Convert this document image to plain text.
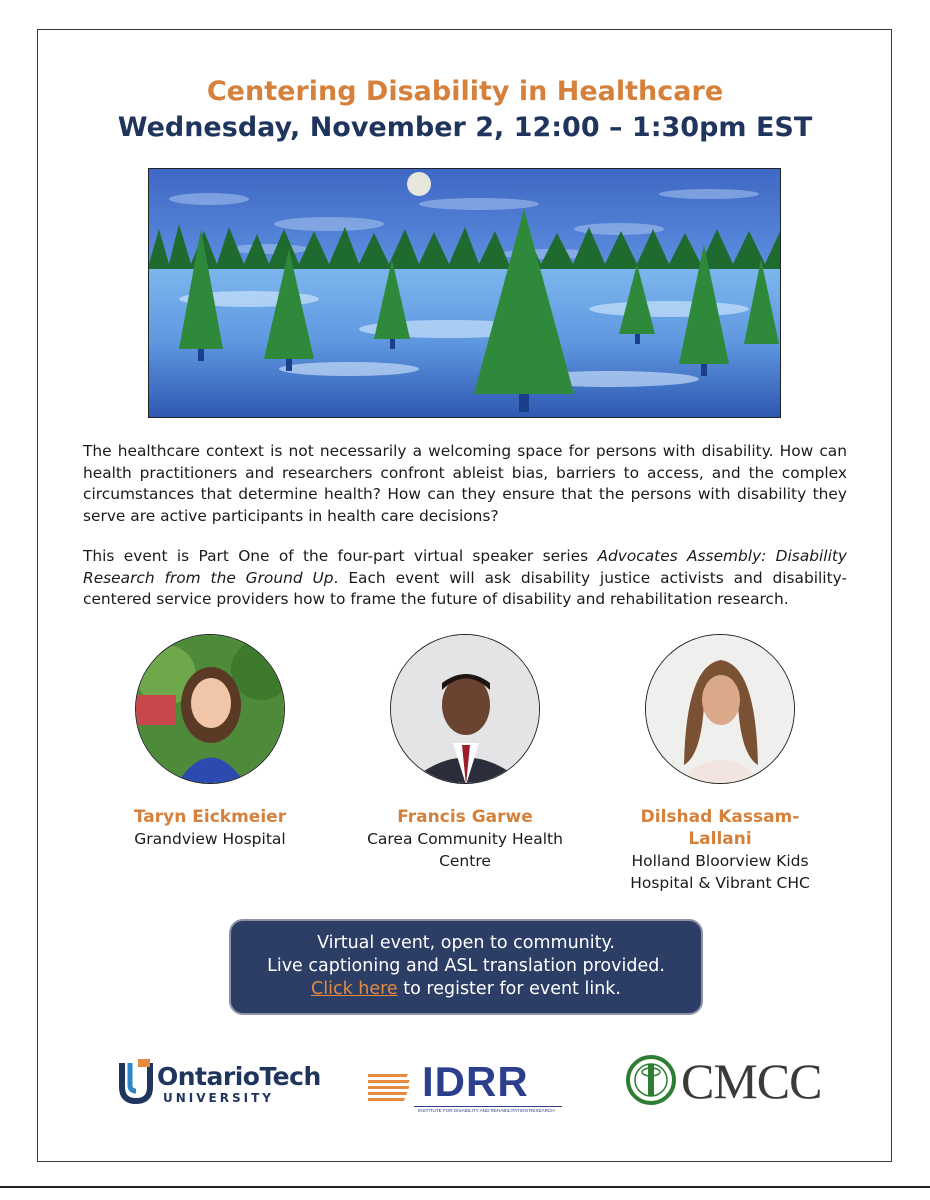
Centering Disability in Healthcare
Wednesday, November 2, 12:00 – 1:30pm EST

The healthcare context is not necessarily a welcoming space for persons with disability. How can health practitioners and researchers confront ableist bias, barriers to access, and the complex circumstances that determine health? How can they ensure that the persons with disability they serve are active participants in health care decisions?

This event is Part One of the four-part virtual speaker series Advocates Assembly: Disability Research from the Ground Up. Each event will ask disability justice activists and disability-centered service providers how to frame the future of disability and rehabilitation research.

Taryn Eickmeier
Grandview Hospital
Francis Garwe
Carea Community Health Centre
Dilshad Kassam-Lallani
Holland Bloorview Kids Hospital & Vibrant CHC
Virtual event, open to community.
Live captioning and ASL translation provided.
Click here to register for event link.
OntarioTech
UNIVERSITY	IDRR
INSTITUTE FOR DISABILITY AND REHABILITATION RESEARCH
CMCC
